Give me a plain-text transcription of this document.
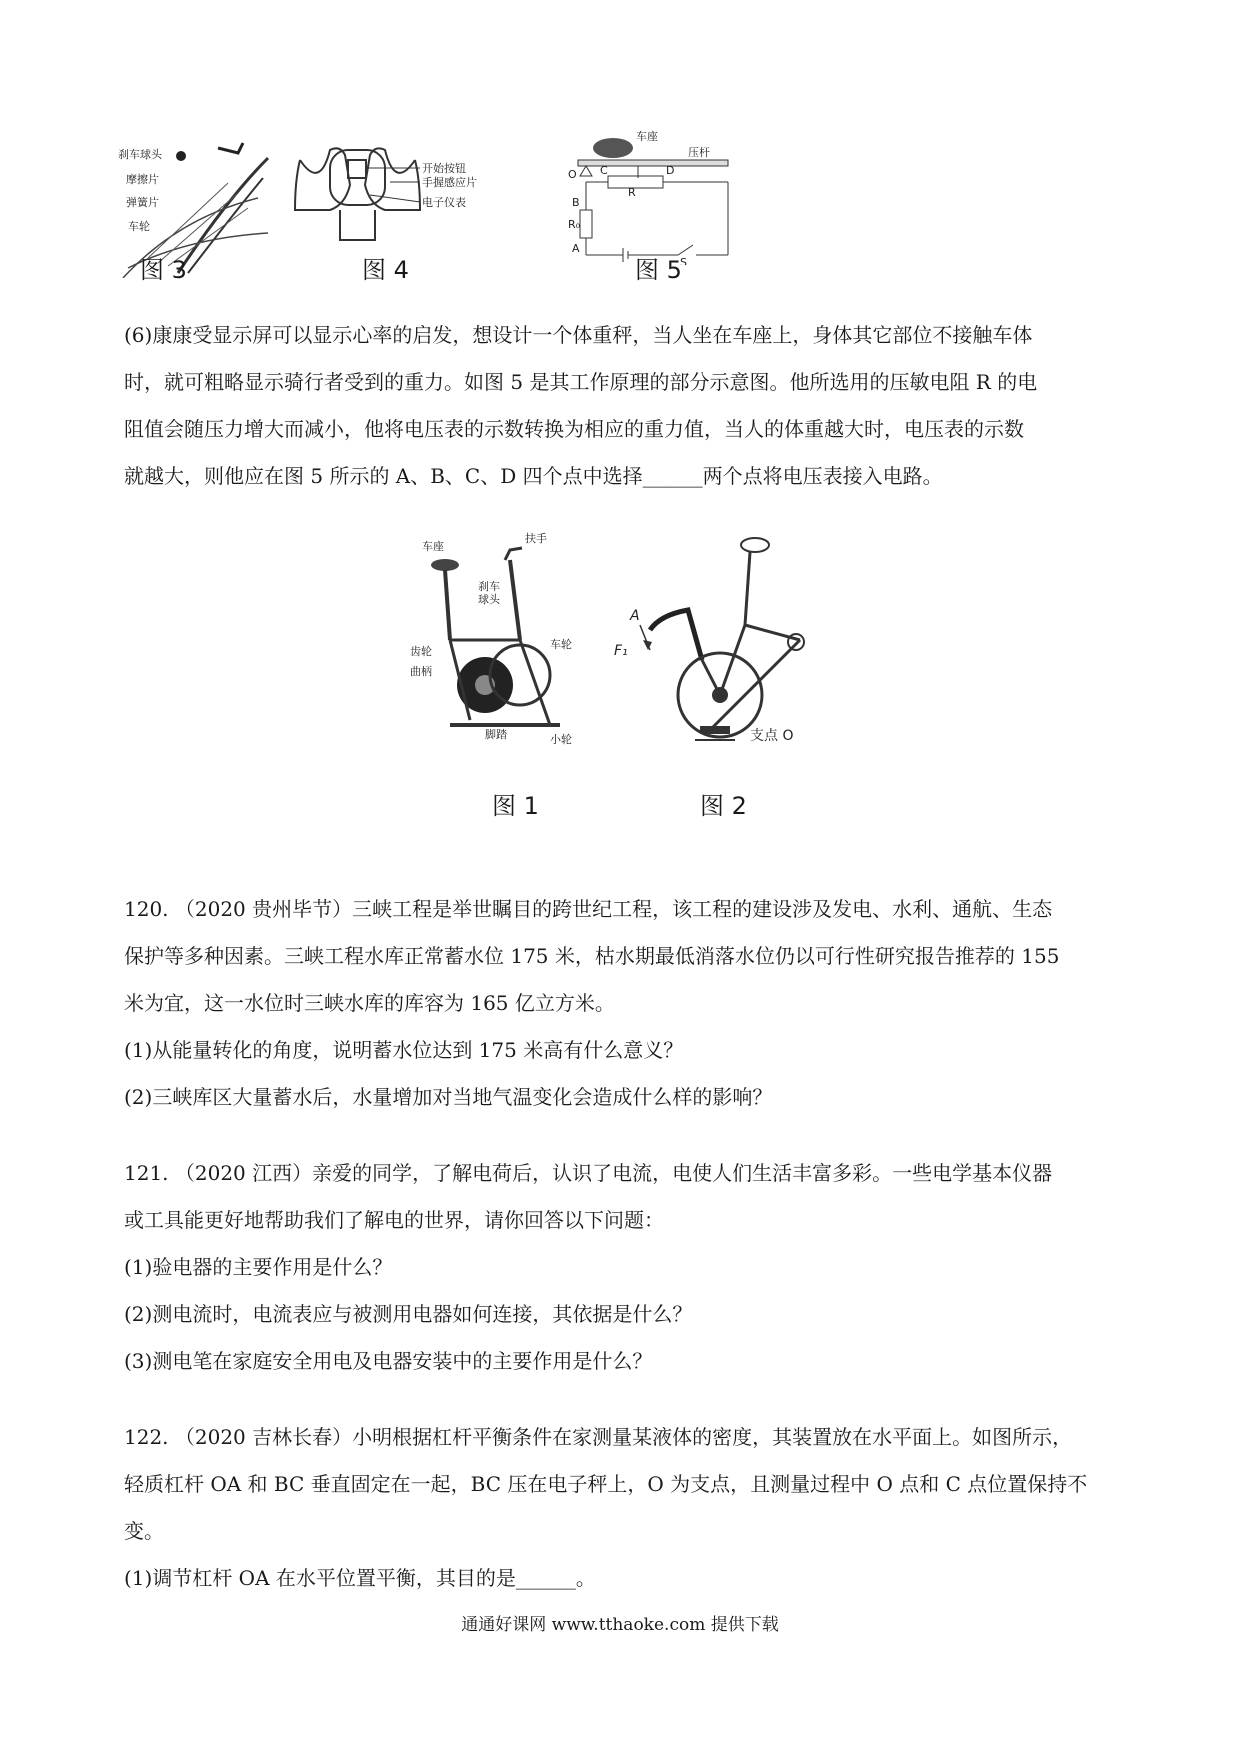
刹车球头
摩擦片
弹簧片
车轮
图 3
开始按钮
手握感应片
电子仪表
图 4
车座
压杆
O C	D
B
R
R₀
A
S
图 5
(6)康康受显示屏可以显示心率的启发，想设计一个体重秤，当人坐在车座上，身体其它部位不接触车体
时，就可粗略显示骑行者受到的重力。如图 5 是其工作原理的部分示意图。他所选用的压敏电阻 R 的电
阻值会随压力增大而减小，他将电压表的示数转换为相应的重力值，当人的体重越大时，电压表的示数
就越大，则他应在图 5 所示的 A、B、C、D 四个点中选择______两个点将电压表接入电路。
车座
扶手
刹车
球头
齿轮
车轮
曲柄
脚踏	小轮
图 1
A
F₁
支点 O
图 2
120. （2020 贵州毕节）三峡工程是举世瞩目的跨世纪工程，该工程的建设涉及发电、水利、通航、生态
保护等多种因素。三峡工程水库正常蓄水位 175 米，枯水期最低消落水位仍以可行性研究报告推荐的 155
米为宜，这一水位时三峡水库的库容为 165 亿立方米。
(1)从能量转化的角度，说明蓄水位达到 175 米高有什么意义？
(2)三峡库区大量蓄水后，水量增加对当地气温变化会造成什么样的影响？
121. （2020 江西）亲爱的同学，了解电荷后，认识了电流，电使人们生活丰富多彩。一些电学基本仪器
或工具能更好地帮助我们了解电的世界，请你回答以下问题：
(1)验电器的主要作用是什么？
(2)测电流时，电流表应与被测用电器如何连接，其依据是什么？
(3)测电笔在家庭安全用电及电器安装中的主要作用是什么？
122. （2020 吉林长春）小明根据杠杆平衡条件在家测量某液体的密度，其装置放在水平面上。如图所示，
轻质杠杆 OA 和 BC 垂直固定在一起，BC 压在电子秤上，O 为支点，且测量过程中 O 点和 C 点位置保持不
变。
(1)调节杠杆 OA 在水平位置平衡，其目的是______。
通通好课网 www.tthaoke.com 提供下载
